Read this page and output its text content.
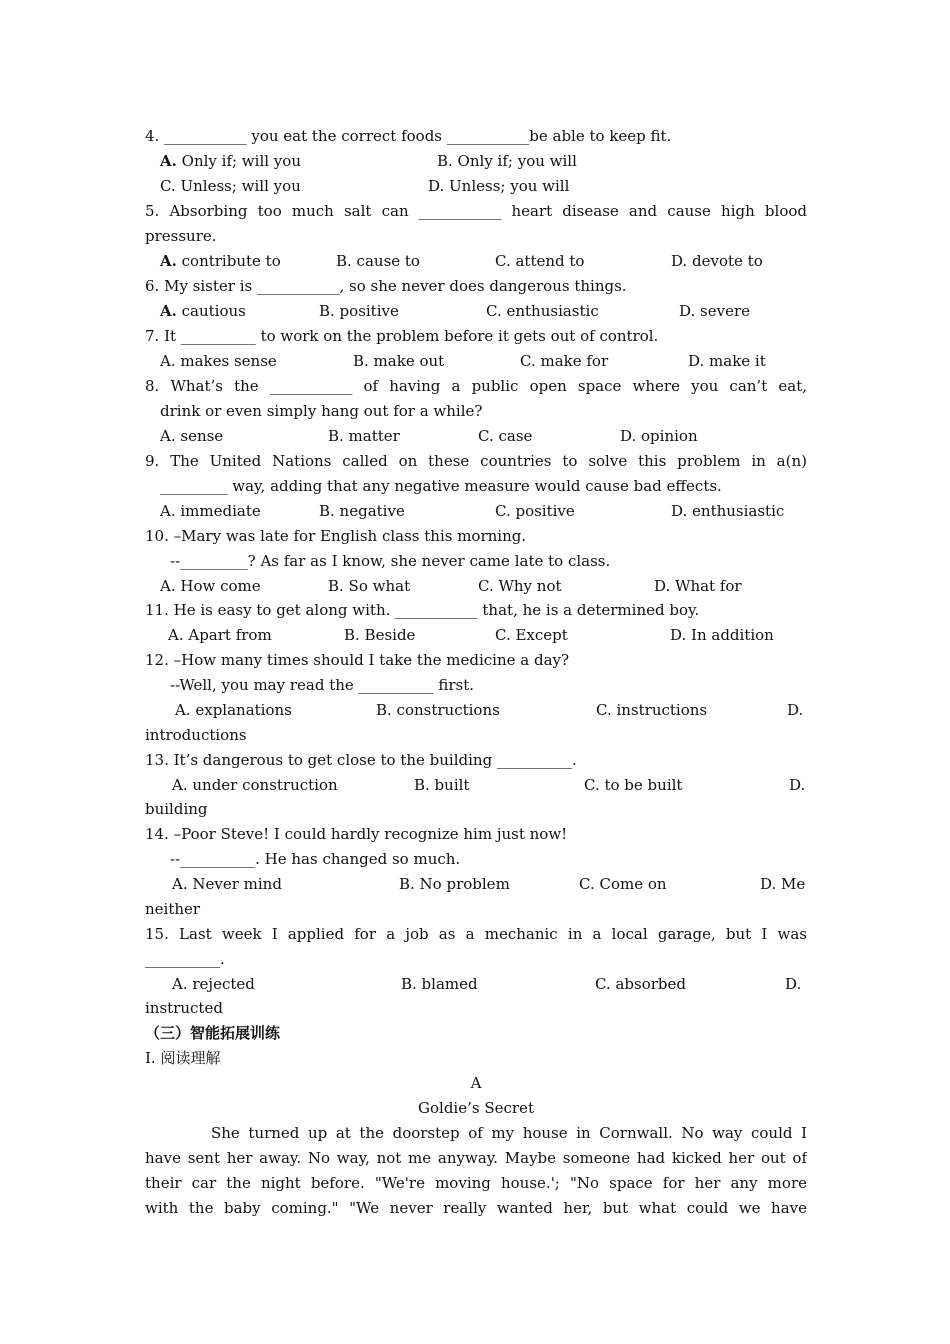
4. ___________ you eat the correct foods ___________be able to keep fit.
A. Only if; will you	B. Only if; you will
C. Unless; will you	D. Unless; you will
5. Absorbing too much salt can ___________ heart disease and cause high blood
pressure.
A. contribute to	B. cause to	C. attend to	D. devote to
6. My sister is ___________, so she never does dangerous things.
A. cautious	B. positive	C. enthusiastic	D. severe
7. It __________ to work on the problem before it gets out of control.
A. makes sense	B. make out	C. make for	D. make it
8. What’s the ___________ of having a public open space where you can’t eat,
drink or even simply hang out for a while?
A. sense	B. matter	C. case	D. opinion
9. The United Nations called on these countries to solve this problem in a(n)
_________ way, adding that any negative measure would cause bad effects.
A. immediate	B. negative	C. positive	D. enthusiastic
10. –Mary was late for English class this morning.
--_________? As far as I know, she never came late to class.
A. How come	B. So what	C. Why not	D. What for
11. He is easy to get along with. ___________ that, he is a determined boy.
A. Apart from	B. Beside	C. Except	D. In addition
12. –How many times should I take the medicine a day?
--Well, you may read the __________ first.
A. explanations	B. constructions	C. instructions	D.
introductions
13. It’s dangerous to get close to the building __________.
A. under construction	B. built	C. to be built	D.
building
14. –Poor Steve! I could hardly recognize him just now!
--__________. He has changed so much.
A. Never mind	B. No problem	C. Come on	D. Me
neither
15. Last week I applied for a job as a mechanic in a local garage, but I was
__________.
A. rejected	B. blamed	C. absorbed	D.
instructed
（三）智能拓展训练
I. 阅读理解
A
Goldie’s Secret
She turned up at the doorstep of my house in Cornwall. No way could I
have sent her away. No way, not me anyway. Maybe someone had kicked her out of
their car the night before. "We're moving house.'; "No space for her any more
with the baby coming." "We never really wanted her, but what could we have
